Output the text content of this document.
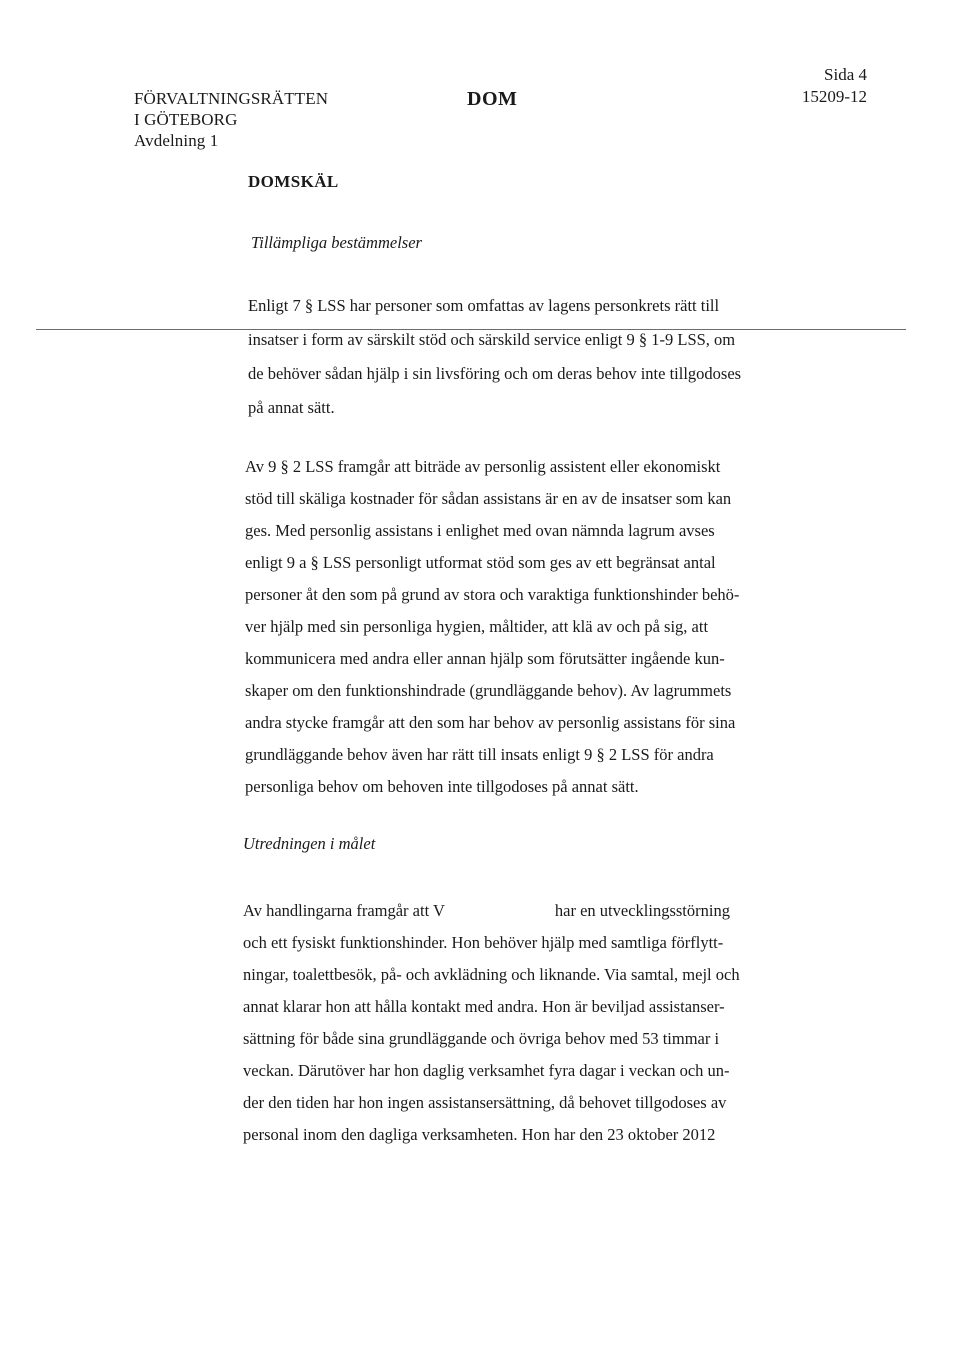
FÖRVALTNINGSRÄTTEN
I GÖTEBORG
Avdelning 1
DOM
Sida 4
15209-12
DOMSKÄL
Tillämpliga bestämmelser
Enligt 7 § LSS har personer som omfattas av lagens personkrets rätt till
insatser i form av särskilt stöd och särskild service enligt 9 § 1-9 LSS, om
de behöver sådan hjälp i sin livsföring och om deras behov inte tillgodoses
på annat sätt.
Av 9 § 2 LSS framgår att biträde av personlig assistent eller ekonomiskt
stöd till skäliga kostnader för sådan assistans är en av de insatser som kan
ges. Med personlig assistans i enlighet med ovan nämnda lagrum avses
enligt 9 a § LSS personligt utformat stöd som ges av ett begränsat antal
personer åt den som på grund av stora och varaktiga funktionshinder behö-
ver hjälp med sin personliga hygien, måltider, att klä av och på sig, att
kommunicera med andra eller annan hjälp som förutsätter ingående kun-
skaper om den funktionshindrade (grundläggande behov). Av lagrummets
andra stycke framgår att den som har behov av personlig assistans för sina
grundläggande behov även har rätt till insats enligt 9 § 2 LSS för andra
personliga behov om behoven inte tillgodoses på annat sätt.
Utredningen i målet
Av handlingarna framgår att V	har en utvecklingsstörning
och ett fysiskt funktionshinder. Hon behöver hjälp med samtliga förflytt-
ningar, toalettbesök, på- och avklädning och liknande. Via samtal, mejl och
annat klarar hon att hålla kontakt med andra. Hon är beviljad assistanser-
sättning för både sina grundläggande och övriga behov med 53 timmar i
veckan. Därutöver har hon daglig verksamhet fyra dagar i veckan och un-
der den tiden har hon ingen assistansersättning, då behovet tillgodoses av
personal inom den dagliga verksamheten. Hon har den 23 oktober 2012
